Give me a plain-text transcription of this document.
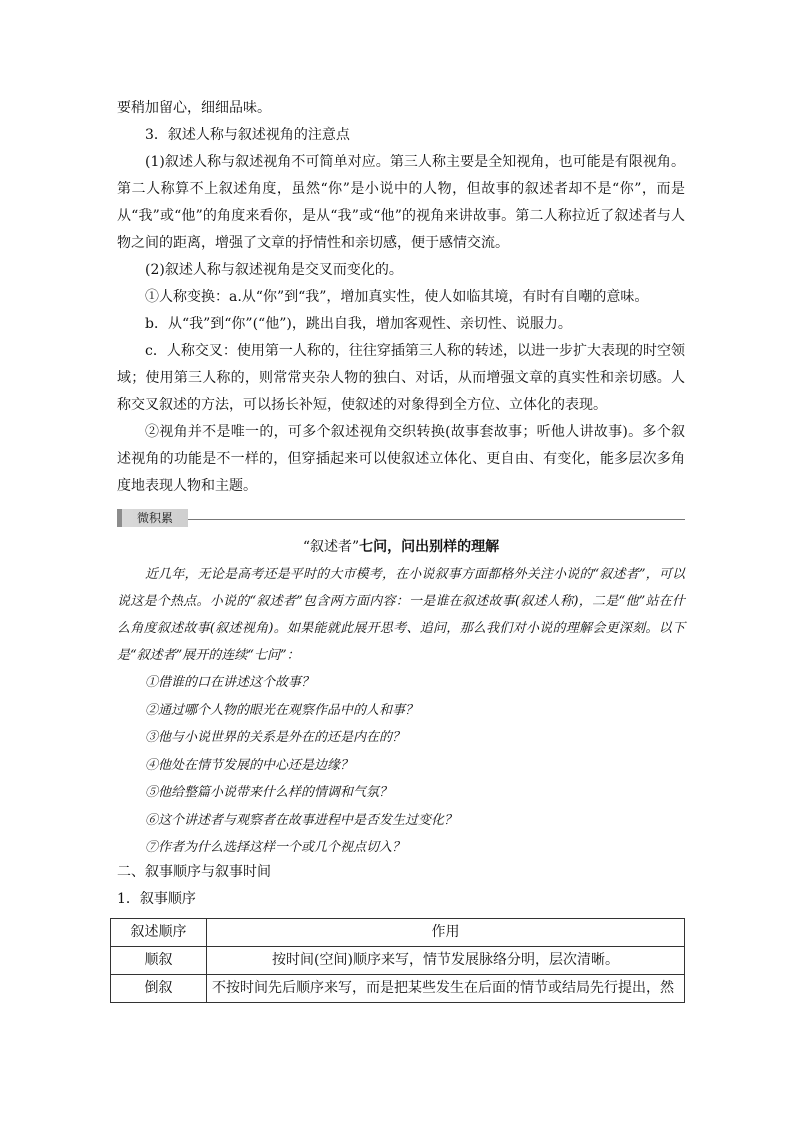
要稍加留心，细细品味。

3．叙述人称与叙述视角的注意点

(1)叙述人称与叙述视角不可简单对应。第三人称主要是全知视角，也可能是有限视角。第二人称算不上叙述角度，虽然“你”是小说中的人物，但故事的叙述者却不是“你”，而是从“我”或“他”的角度来看你，是从“我”或“他”的视角来讲故事。第二人称拉近了叙述者与人物之间的距离，增强了文章的抒情性和亲切感，便于感情交流。

(2)叙述人称与叙述视角是交叉而变化的。

①人称变换：a.从“你”到“我”，增加真实性，使人如临其境，有时有自嘲的意味。

b．从“我”到“你”(“他”)，跳出自我，增加客观性、亲切性、说服力。

c．人称交叉：使用第一人称的，往往穿插第三人称的转述，以进一步扩大表现的时空领域；使用第三人称的，则常常夹杂人物的独白、对话，从而增强文章的真实性和亲切感。人称交叉叙述的方法，可以扬长补短，使叙述的对象得到全方位、立体化的表现。

②视角并不是唯一的，可多个叙述视角交织转换(故事套故事；听他人讲故事)。多个叙述视角的功能是不一样的，但穿插起来可以使叙述立体化、更自由、有变化，能多层次多角度地表现人物和主题。

微积累
“叙述者”七问，问出别样的理解

近几年，无论是高考还是平时的大市模考，在小说叙事方面都格外关注小说的“叙述者”，可以说这是个热点。小说的“叙述者”包含两方面内容：一是谁在叙述故事(叙述人称)，二是“他”站在什么角度叙述故事(叙述视角)。如果能就此展开思考、追问，那么我们对小说的理解会更深刻。以下是“叙述者”展开的连续“七问”：

①借谁的口在讲述这个故事？
②通过哪个人物的眼光在观察作品中的人和事？
③他与小说世界的关系是外在的还是内在的？
④他处在情节发展的中心还是边缘？
⑤他给整篇小说带来什么样的情调和气氛？
⑥这个讲述者与观察者在故事进程中是否发生过变化？
⑦作者为什么选择这样一个或几个视点切入？

二、叙事顺序与叙事时间

1．叙事顺序

叙述顺序	作用
顺叙	按时间(空间)顺序来写，情节发展脉络分明，层次清晰。
倒叙	不按时间先后顺序来写，而是把某些发生在后面的情节或结局先行提出，然
